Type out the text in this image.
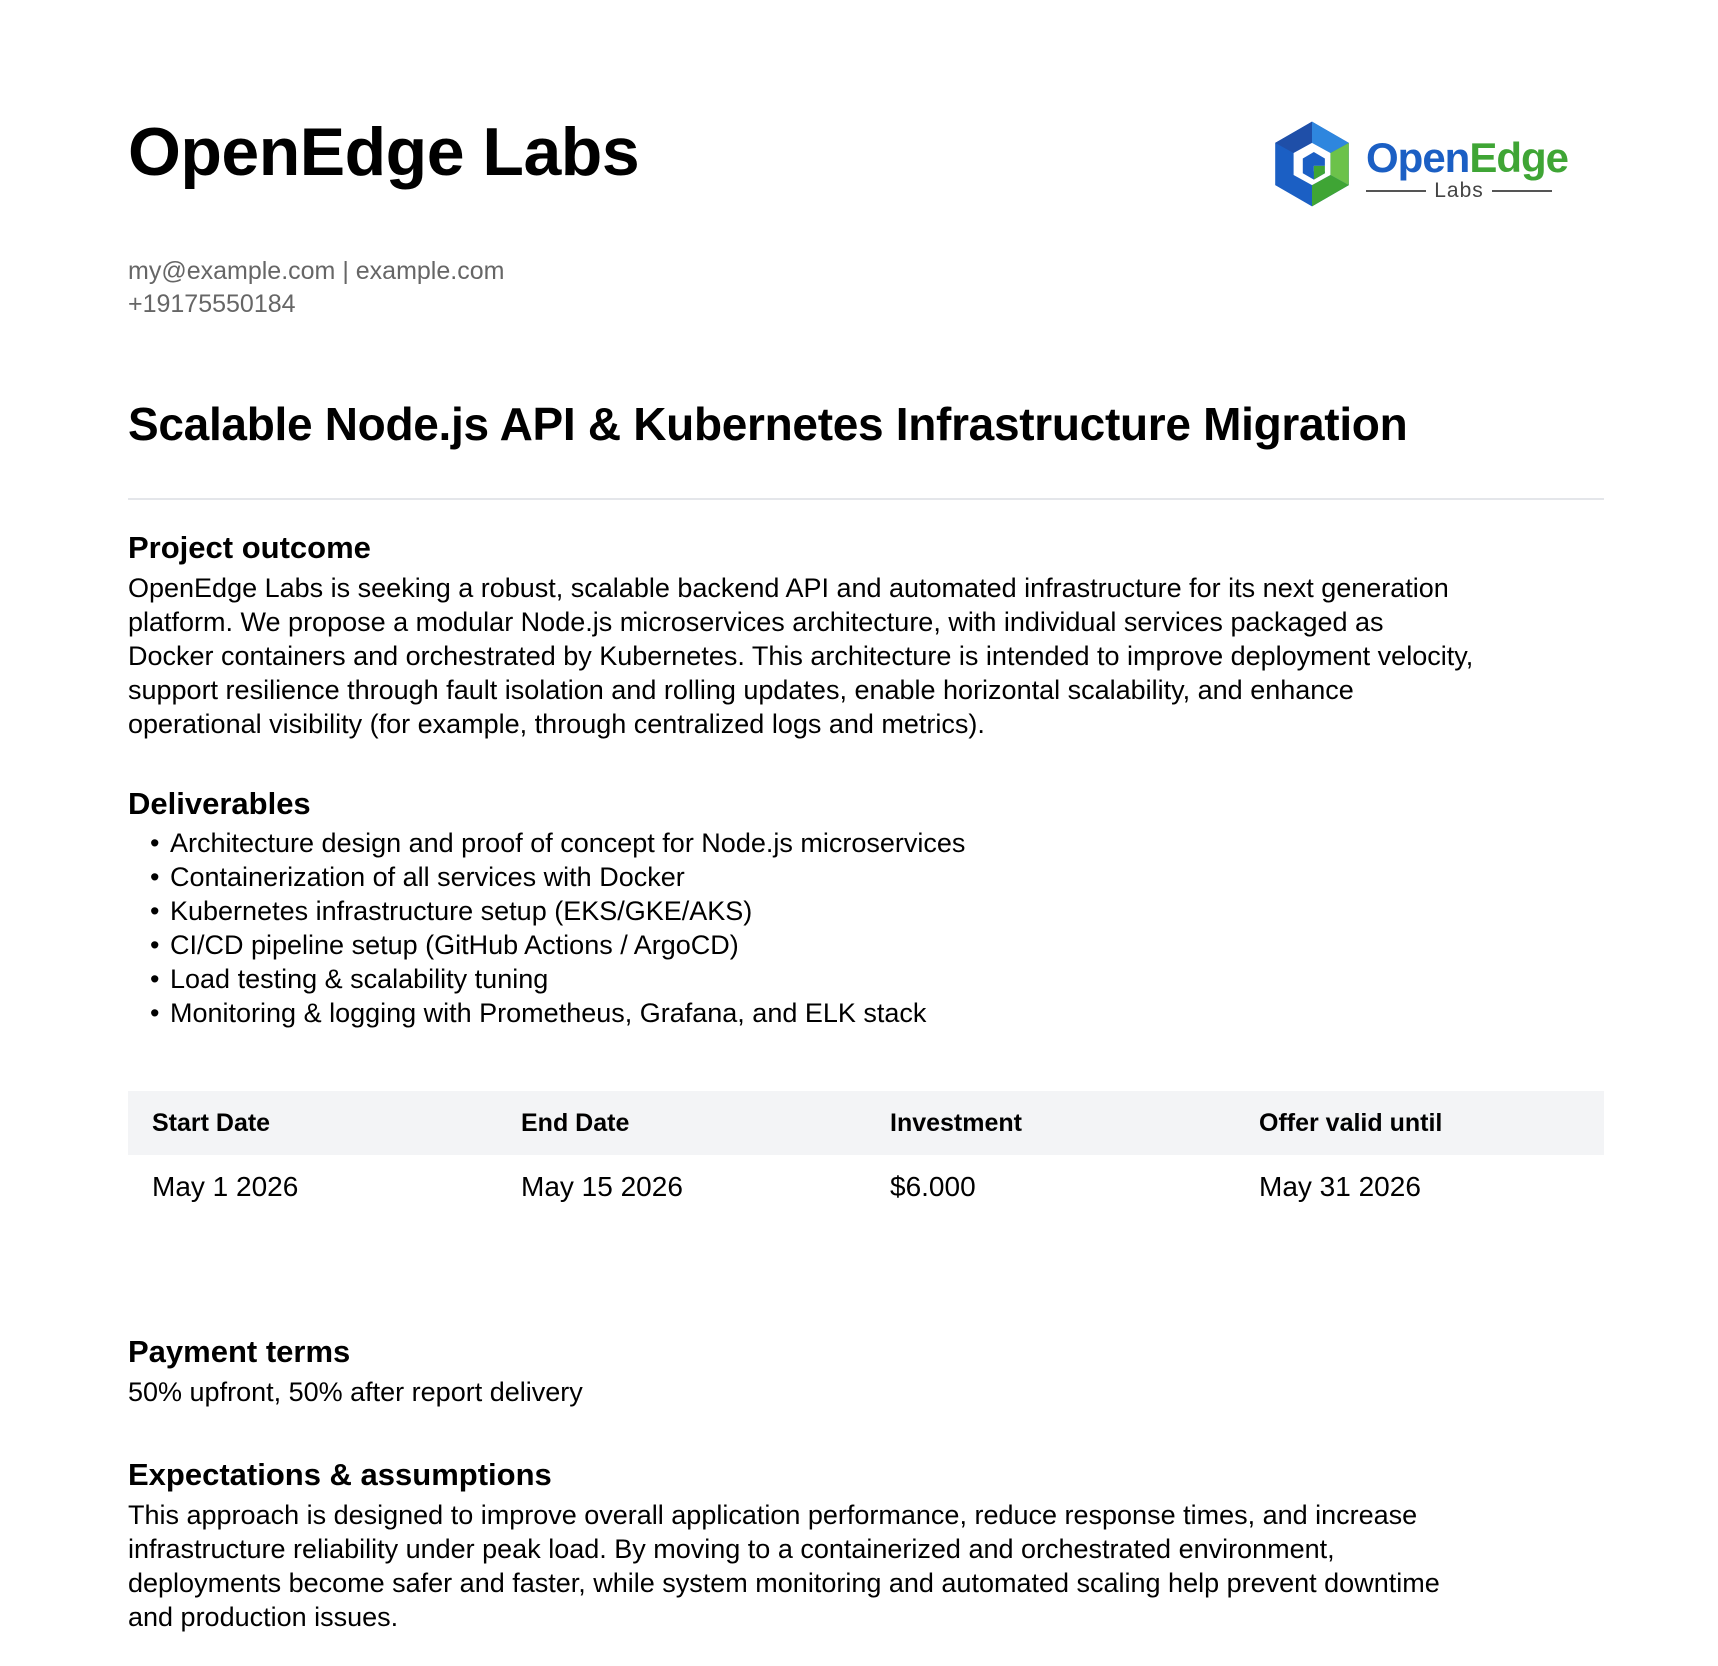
OpenEdge Labs	OpenEdge
Labs
my@example.com | example.com
+19175550184
Scalable Node.js API & Kubernetes Infrastructure Migration
Project outcome
OpenEdge Labs is seeking a robust, scalable backend API and automated infrastructure for its next generation
platform. We propose a modular Node.js microservices architecture, with individual services packaged as
Docker containers and orchestrated by Kubernetes. This architecture is intended to improve deployment velocity,
support resilience through fault isolation and rolling updates, enable horizontal scalability, and enhance
operational visibility (for example, through centralized logs and metrics).
Deliverables
• Architecture design and proof of concept for Node.js microservices
• Containerization of all services with Docker
• Kubernetes infrastructure setup (EKS/GKE/AKS)
• CI/CD pipeline setup (GitHub Actions / ArgoCD)
• Load testing & scalability tuning
• Monitoring & logging with Prometheus, Grafana, and ELK stack
Start Date	End Date	Investment	Offer valid until
May 1 2026	May 15 2026	$6.000	May 31 2026
Payment terms
50% upfront, 50% after report delivery
Expectations & assumptions
This approach is designed to improve overall application performance, reduce response times, and increase
infrastructure reliability under peak load. By moving to a containerized and orchestrated environment,
deployments become safer and faster, while system monitoring and automated scaling help prevent downtime
and production issues.
